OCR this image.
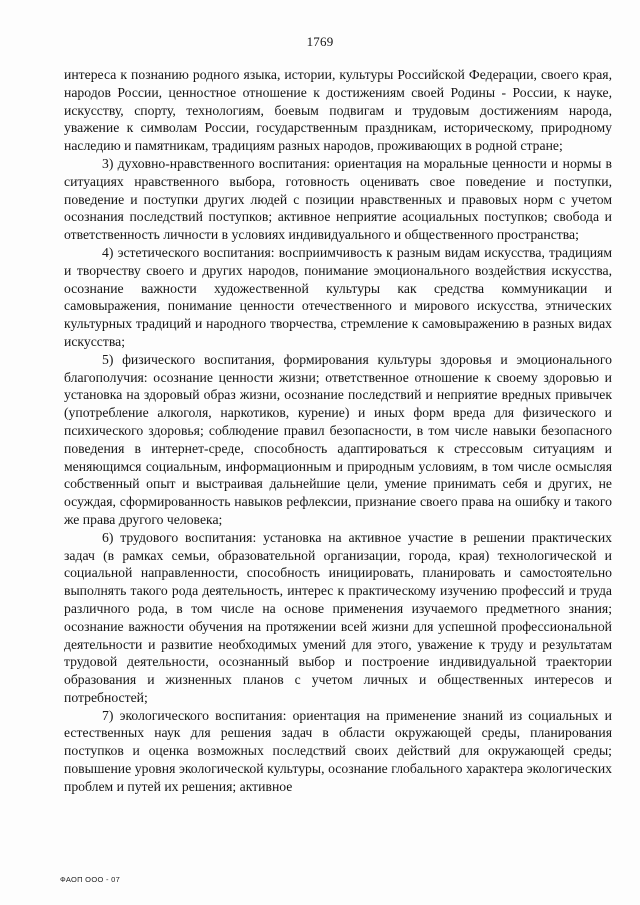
1769

интереса к познанию родного языка, истории, культуры Российской Федерации, своего края, народов России, ценностное отношение к достижениям своей Родины - России, к науке, искусству, спорту, технологиям, боевым подвигам и трудовым достижениям народа, уважение к символам России, государственным праздникам, историческому, природному наследию и памятникам, традициям разных народов, проживающих в родной стране;

3) духовно-нравственного воспитания: ориентация на моральные ценности и нормы в ситуациях нравственного выбора, готовность оценивать свое поведение и поступки, поведение и поступки других людей с позиции нравственных и правовых норм с учетом осознания последствий поступков; активное неприятие асоциальных поступков; свобода и ответственность личности в условиях индивидуального и общественного пространства;

4) эстетического воспитания: восприимчивость к разным видам искусства, традициям и творчеству своего и других народов, понимание эмоционального воздействия искусства, осознание важности художественной культуры как средства коммуникации и самовыражения, понимание ценности отечественного и мирового искусства, этнических культурных традиций и народного творчества, стремление к самовыражению в разных видах искусства;

5) физического воспитания, формирования культуры здоровья и эмоционального благополучия: осознание ценности жизни; ответственное отношение к своему здоровью и установка на здоровый образ жизни, осознание последствий и неприятие вредных привычек (употребление алкоголя, наркотиков, курение) и иных форм вреда для физического и психического здоровья; соблюдение правил безопасности, в том числе навыки безопасного поведения в интернет-среде, способность адаптироваться к стрессовым ситуациям и меняющимся социальным, информационным и природным условиям, в том числе осмысляя собственный опыт и выстраивая дальнейшие цели, умение принимать себя и других, не осуждая, сформированность навыков рефлексии, признание своего права на ошибку и такого же права другого человека;

6) трудового воспитания: установка на активное участие в решении практических задач (в рамках семьи, образовательной организации, города, края) технологической и социальной направленности, способность инициировать, планировать и самостоятельно выполнять такого рода деятельность, интерес к практическому изучению профессий и труда различного рода, в том числе на основе применения изучаемого предметного знания; осознание важности обучения на протяжении всей жизни для успешной профессиональной деятельности и развитие необходимых умений для этого, уважение к труду и результатам трудовой деятельности, осознанный выбор и построение индивидуальной траектории образования и жизненных планов с учетом личных и общественных интересов и потребностей;

7) экологического воспитания: ориентация на применение знаний из социальных и естественных наук для решения задач в области окружающей среды, планирования поступков и оценка возможных последствий своих действий для окружающей среды; повышение уровня экологической культуры, осознание глобального характера экологических проблем и путей их решения; активное

ФАОП ООО - 07
